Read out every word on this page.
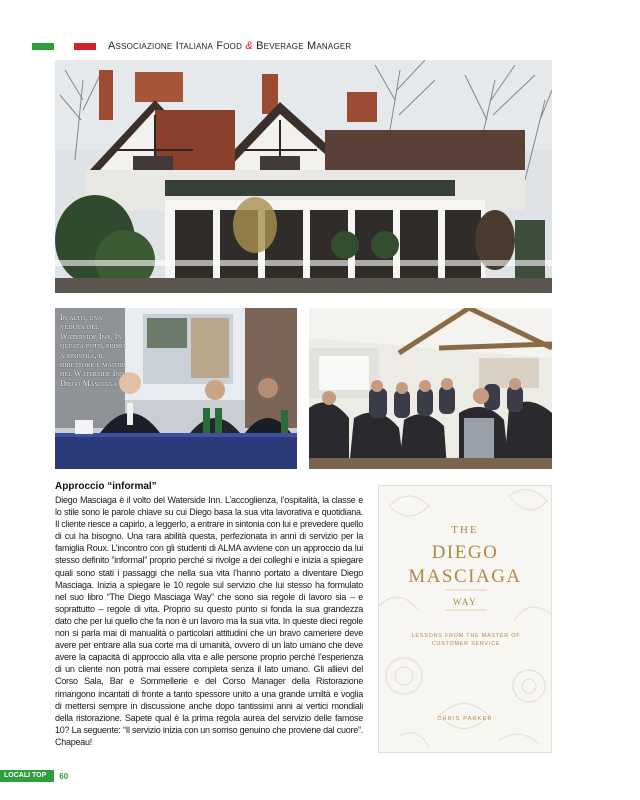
Associazione Italiana Food & Beverage Manager
In alto, una veduta del Waterside Inn. In questa foto, primo a sinistra, il direttore e maitre del Waterside Inn Diego Masciaga
Approccio “informal”

Diego Masciaga è il volto del Waterside Inn. L’accoglienza, l’ospitalità, la classe e lo stile sono le parole chiave su cui Diego basa la sua vita lavorativa e quotidiana. Il cliente riesce a capirlo, a leggerlo, a entrare in sintonia con lui e prevedere quello di cui ha bisogno. Una rara abilità questa, perfezionata in anni di servizio per la famiglia Roux. L’incontro con gli studenti di ALMA avviene con un approccio da lui stesso definito “informal” proprio perché si rivolge a dei colleghi e inizia a spiegare quali sono stati i passaggi che nella sua vita l’hanno portato a diventare Diego Masciaga. Inizia a spiegare le 10 regole sul servizio che lui stesso ha formulato nel suo libro “The Diego Masciaga Way” che sono sia regole di lavoro sia – e soprattutto – regole di vita. Proprio su questo punto si fonda la sua grandezza dato che per lui quello che fa non è un lavoro ma la sua vita. In queste dieci regole non si parla mai di manualità o particolari attitudini che un bravo cameriere deve avere per entrare alla sua corte ma di umanità, ovvero di un lato umano che deve avere la capacità di approccio alla vita e alle persone proprio perché l’esperienza di un cliente non potrà mai essere completa senza il lato umano. Gli allievi del Corso Sala, Bar e Sommellerie e del Corso Manager della Ristorazione rimangono incantati di fronte a tanto spessore unito a una grande umiltà e voglia di mettersi sempre in discussione anche dopo tantissimi anni ai vertici mondiali della ristorazione. Sapete qual è la prima regola aurea del servizio delle famose 10? La seguente: “Il servizio inizia con un sorriso genuino che proviene dal cuore”. Chapeau!

THE
DIEGO
MASCIAGA
WAY
LESSONS FROM THE MASTER OF CUSTOMER SERVICE
CHRIS PARKER
LOCALI TOP	60
